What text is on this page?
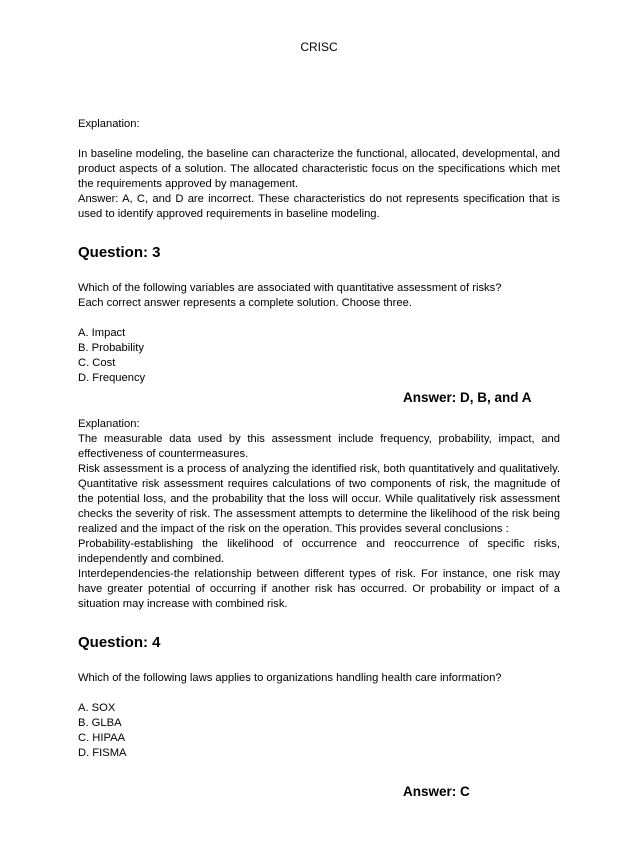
CRISC

Explanation:

In baseline modeling, the baseline can characterize the functional, allocated, developmental, and product aspects of a solution. The allocated characteristic focus on the specifications which met the requirements approved by management.

Answer: A, C, and D are incorrect. These characteristics do not represents specification that is used to identify approved requirements in baseline modeling.

Question: 3

Which of the following variables are associated with quantitative assessment of risks?

Each correct answer represents a complete solution. Choose three.

A. Impact
B. Probability
C. Cost
D. Frequency

Answer: D, B, and A

Explanation:

The measurable data used by this assessment include frequency, probability, impact, and effectiveness of countermeasures.

Risk assessment is a process of analyzing the identified risk, both quantitatively and qualitatively. Quantitative risk assessment requires calculations of two components of risk, the magnitude of the potential loss, and the probability that the loss will occur. While qualitatively risk assessment checks the severity of risk. The assessment attempts to determine the likelihood of the risk being realized and the impact of the risk on the operation. This provides several conclusions :

Probability-establishing the likelihood of occurrence and reoccurrence of specific risks, independently and combined.

Interdependencies-the relationship between different types of risk. For instance, one risk may have greater potential of occurring if another risk has occurred. Or probability or impact of a situation may increase with combined risk.

Question: 4

Which of the following laws applies to organizations handling health care information?

A. SOX
B. GLBA
C. HIPAA
D. FISMA

Answer: C
